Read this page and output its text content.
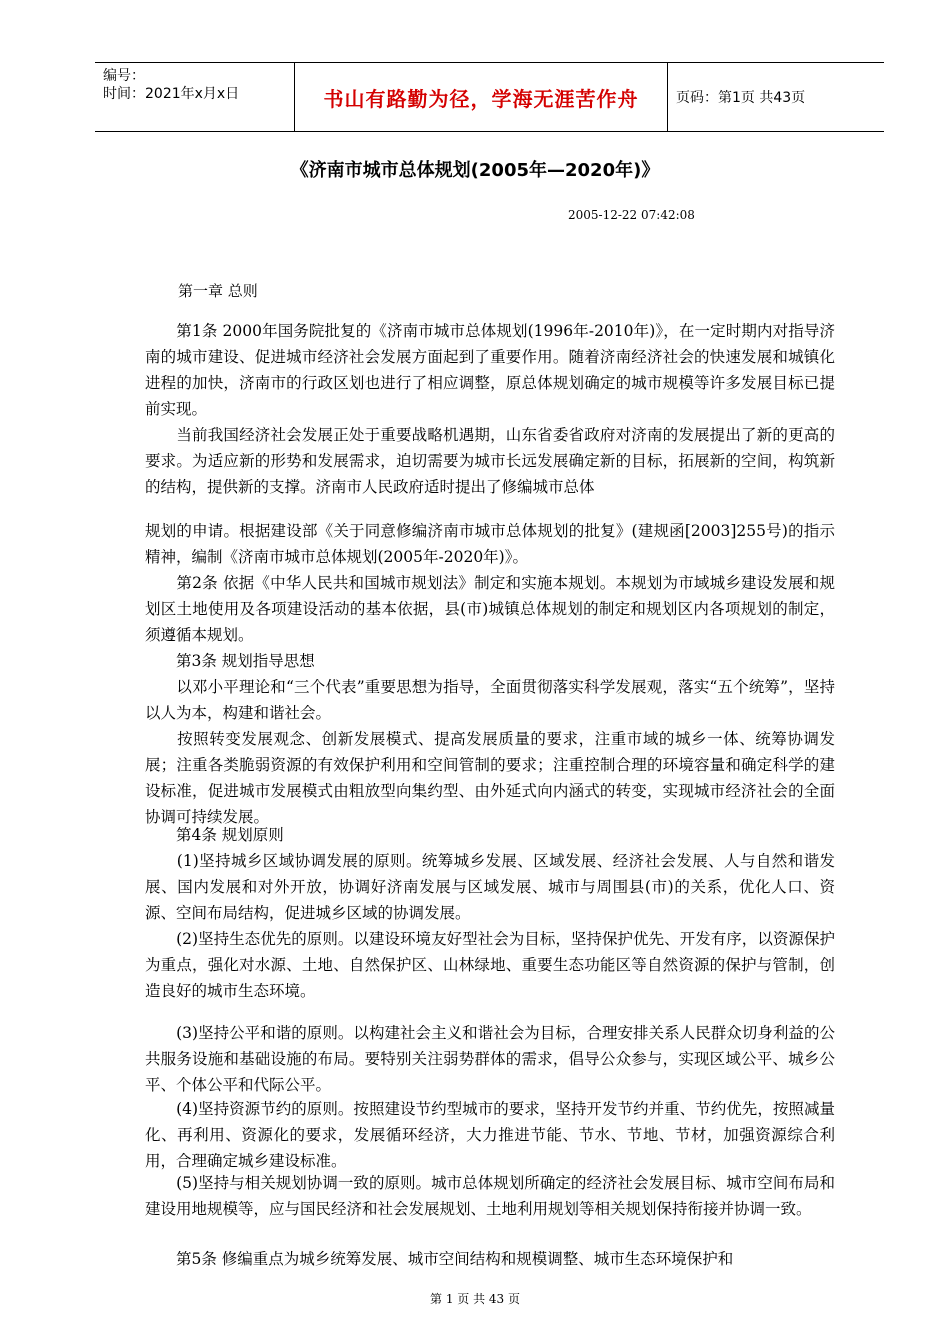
编号：
时间：2021年x月x日	书山有路勤为径，学海无涯苦作舟	页码：第1页 共43页
《济南市城市总体规划(2005年—2020年)》
2005-12-22 07:42:08
第一章 总则

　　第1条 2000年国务院批复的《济南市城市总体规划(1996年-2010年)》，在一定时期内对指导济南的城市建设、促进城市经济社会发展方面起到了重要作用。随着济南经济社会的快速发展和城镇化进程的加快，济南市的行政区划也进行了相应调整，原总体规划确定的城市规模等许多发展目标已提前实现。

　　当前我国经济社会发展正处于重要战略机遇期，山东省委省政府对济南的发展提出了新的更高的要求。为适应新的形势和发展需求，迫切需要为城市长远发展确定新的目标，拓展新的空间，构筑新的结构，提供新的支撑。济南市人民政府适时提出了修编城市总体

规划的申请。根据建设部《关于同意修编济南市城市总体规划的批复》(建规函[2003]255号)的指示精神，编制《济南市城市总体规划(2005年-2020年)》。

　　第2条 依据《中华人民共和国城市规划法》制定和实施本规划。本规划为市域城乡建设发展和规划区土地使用及各项建设活动的基本依据，县(市)城镇总体规划的制定和规划区内各项规划的制定，须遵循本规划。

　　第3条 规划指导思想

　　以邓小平理论和“三个代表”重要思想为指导，全面贯彻落实科学发展观，落实“五个统筹”，坚持以人为本，构建和谐社会。

　　按照转变发展观念、创新发展模式、提高发展质量的要求，注重市域的城乡一体、统筹协调发展；注重各类脆弱资源的有效保护利用和空间管制的要求；注重控制合理的环境容量和确定科学的建设标准，促进城市发展模式由粗放型向集约型、由外延式向内涵式的转变，实现城市经济社会的全面协调可持续发展。

　　第4条 规划原则

　　(1)坚持城乡区域协调发展的原则。统筹城乡发展、区域发展、经济社会发展、人与自然和谐发展、国内发展和对外开放，协调好济南发展与区域发展、城市与周围县(市)的关系，优化人口、资源、空间布局结构，促进城乡区域的协调发展。

　　(2)坚持生态优先的原则。以建设环境友好型社会为目标，坚持保护优先、开发有序，以资源保护为重点，强化对水源、土地、自然保护区、山林绿地、重要生态功能区等自然资源的保护与管制，创造良好的城市生态环境。

　　(3)坚持公平和谐的原则。以构建社会主义和谐社会为目标，合理安排关系人民群众切身利益的公共服务设施和基础设施的布局。要特别关注弱势群体的需求，倡导公众参与，实现区域公平、城乡公平、个体公平和代际公平。

　　(4)坚持资源节约的原则。按照建设节约型城市的要求，坚持开发节约并重、节约优先，按照减量化、再利用、资源化的要求，发展循环经济，大力推进节能、节水、节地、节材，加强资源综合利用，合理确定城乡建设标准。

　　(5)坚持与相关规划协调一致的原则。城市总体规划所确定的经济社会发展目标、城市空间布局和建设用地规模等，应与国民经济和社会发展规划、土地利用规划等相关规划保持衔接并协调一致。

　　第5条 修编重点为城乡统筹发展、城市空间结构和规模调整、城市生态环境保护和

第 1 页 共 43 页
